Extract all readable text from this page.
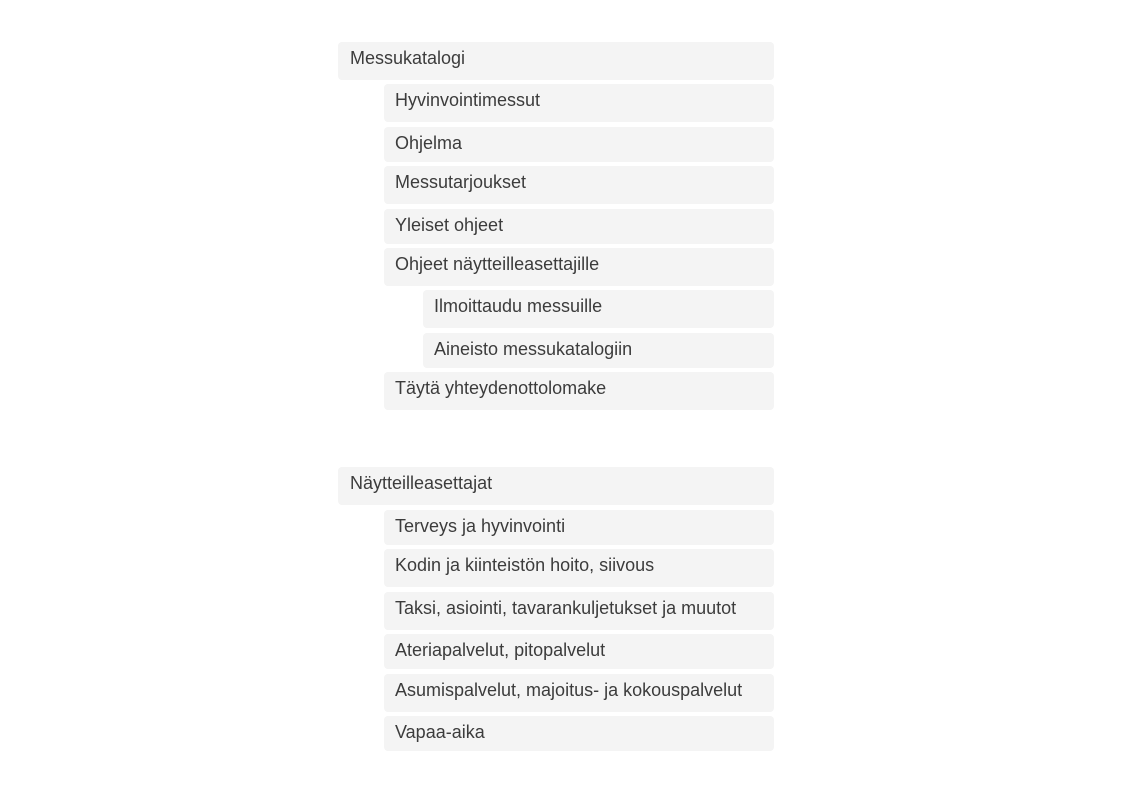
Messukatalogi
Hyvinvointimessut
Ohjelma
Messutarjoukset
Yleiset ohjeet
Ohjeet näytteilleasettajille
Ilmoittaudu messuille
Aineisto messukatalogiin
Täytä yhteydenottolomake
Näytteilleasettajat
Terveys ja hyvinvointi
Kodin ja kiinteistön hoito, siivous
Taksi, asiointi, tavarankuljetukset ja muutot
Ateriapalvelut, pitopalvelut
Asumispalvelut, majoitus- ja kokouspalvelut
Vapaa-aika
